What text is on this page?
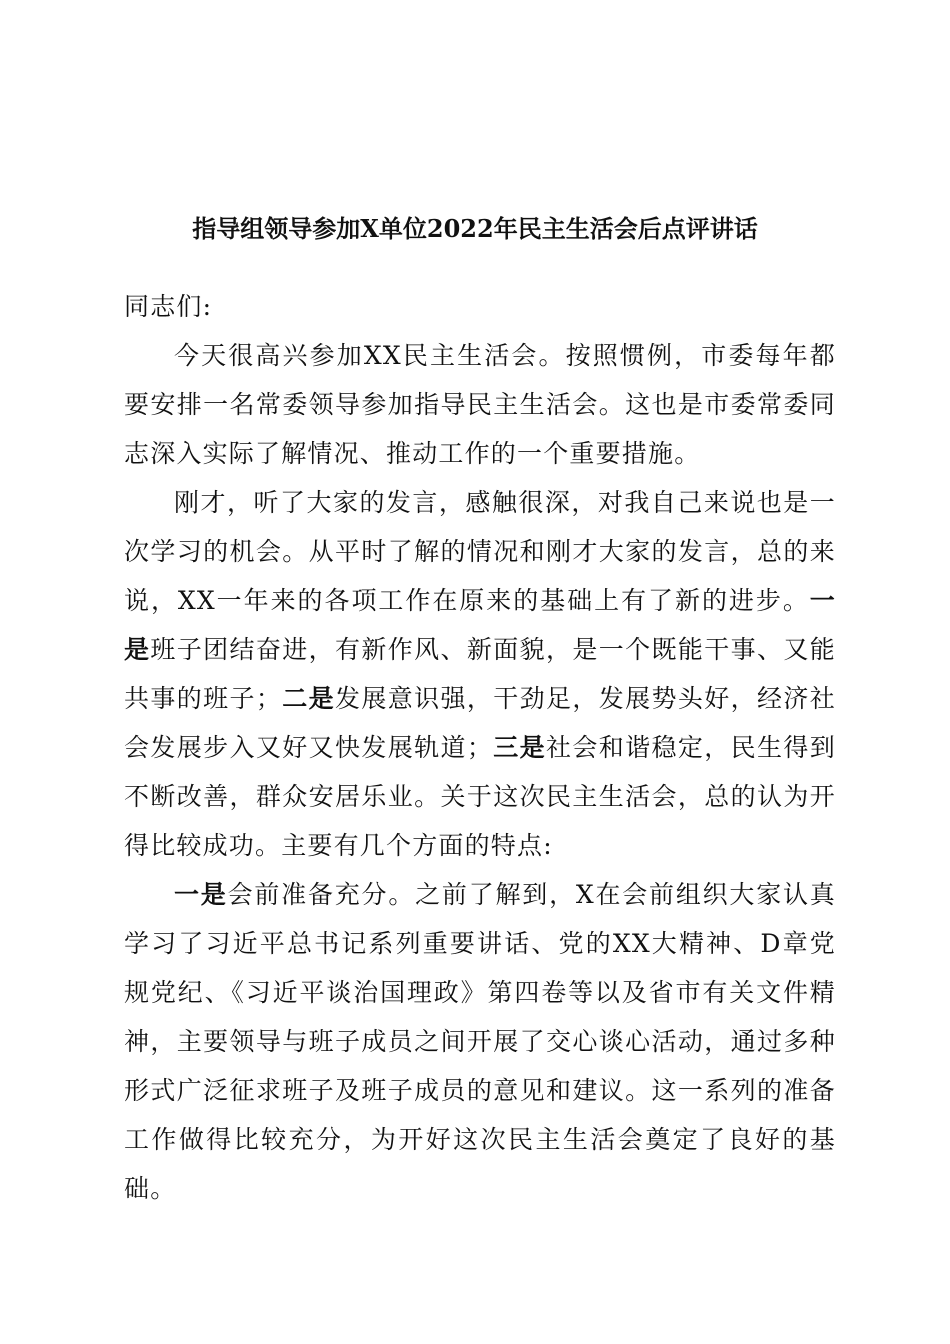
指导组领导参加X单位2022年民主生活会后点评讲话

同志们:

今天很高兴参加XX民主生活会。按照惯例，市委每年都要安排一名常委领导参加指导民主生活会。这也是市委常委同志深入实际了解情况、推动工作的一个重要措施。

刚才，听了大家的发言，感触很深，对我自己来说也是一次学习的机会。从平时了解的情况和刚才大家的发言，总的来说，XX一年来的各项工作在原来的基础上有了新的进步。一是班子团结奋进，有新作风、新面貌，是一个既能干事、又能共事的班子；二是发展意识强，干劲足，发展势头好，经济社会发展步入又好又快发展轨道；三是社会和谐稳定，民生得到不断改善，群众安居乐业。关于这次民主生活会，总的认为开得比较成功。主要有几个方面的特点:

一是会前准备充分。之前了解到，X在会前组织大家认真学习了习近平总书记系列重要讲话、党的XX大精神、D章党规党纪、《习近平谈治国理政》第四卷等以及省市有关文件精神，主要领导与班子成员之间开展了交心谈心活动，通过多种形式广泛征求班子及班子成员的意见和建议。这一系列的准备工作做得比较充分，为开好这次民主生活会奠定了良好的基础。
